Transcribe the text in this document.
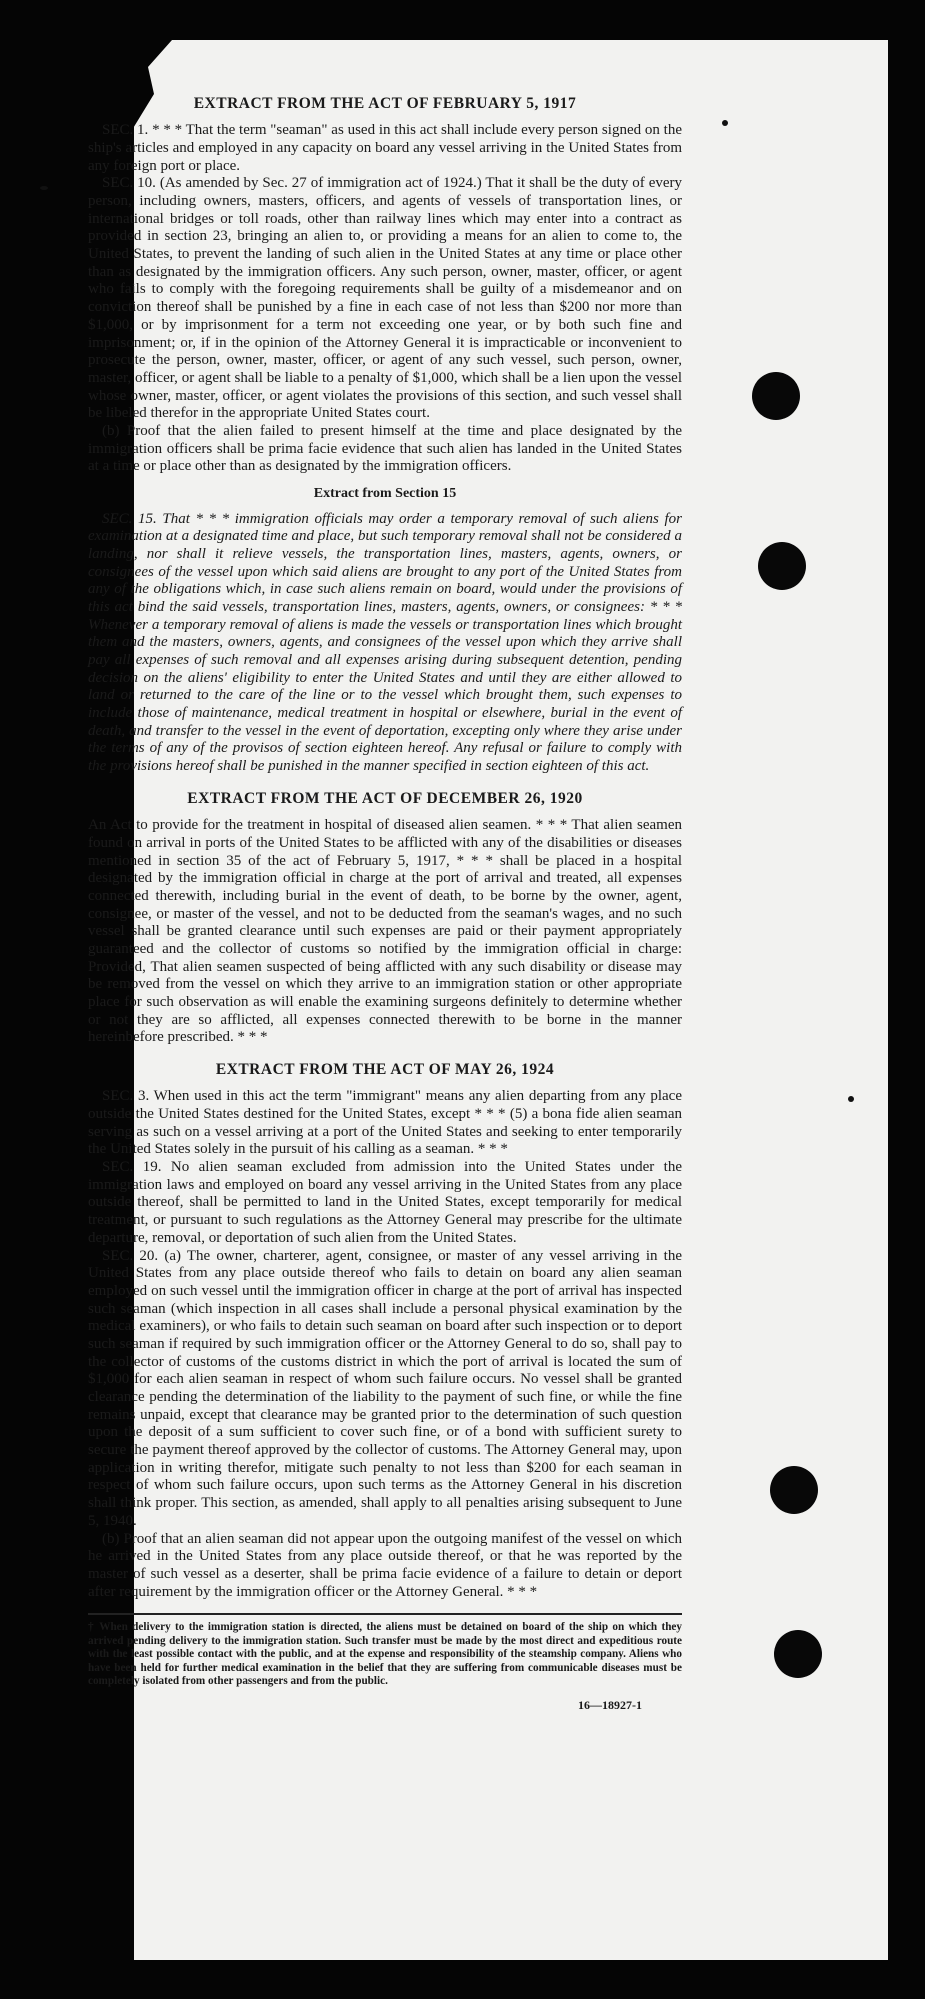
EXTRACT FROM THE ACT OF FEBRUARY 5, 1917

SEC. 1. * * * That the term "seaman" as used in this act shall include every person signed on the ship's articles and employed in any capacity on board any vessel arriving in the United States from any foreign port or place.

SEC. 10. (As amended by Sec. 27 of immigration act of 1924.) That it shall be the duty of every person, including owners, masters, officers, and agents of vessels of transportation lines, or international bridges or toll roads, other than railway lines which may enter into a contract as provided in section 23, bringing an alien to, or providing a means for an alien to come to, the United States, to prevent the landing of such alien in the United States at any time or place other than as designated by the immigration officers. Any such person, owner, master, officer, or agent who fails to comply with the foregoing requirements shall be guilty of a misdemeanor and on conviction thereof shall be punished by a fine in each case of not less than $200 nor more than $1,000, or by imprisonment for a term not exceeding one year, or by both such fine and imprisonment; or, if in the opinion of the Attorney General it is impracticable or inconvenient to prosecute the person, owner, master, officer, or agent of any such vessel, such person, owner, master, officer, or agent shall be liable to a penalty of $1,000, which shall be a lien upon the vessel whose owner, master, officer, or agent violates the provisions of this section, and such vessel shall be libeled therefor in the appropriate United States court.

(b) Proof that the alien failed to present himself at the time and place designated by the immigration officers shall be prima facie evidence that such alien has landed in the United States at a time or place other than as designated by the immigration officers.

Extract from Section 15

SEC. 15. That * * * immigration officials may order a temporary removal of such aliens for examination at a designated time and place, but such temporary removal shall not be considered a landing, nor shall it relieve vessels, the transportation lines, masters, agents, owners, or consignees of the vessel upon which said aliens are brought to any port of the United States from any of the obligations which, in case such aliens remain on board, would under the provisions of this act bind the said vessels, transportation lines, masters, agents, owners, or consignees: * * * Whenever a temporary removal of aliens is made the vessels or transportation lines which brought them and the masters, owners, agents, and consignees of the vessel upon which they arrive shall pay all expenses of such removal and all expenses arising during subsequent detention, pending decision on the aliens' eligibility to enter the United States and until they are either allowed to land or returned to the care of the line or to the vessel which brought them, such expenses to include those of maintenance, medical treatment in hospital or elsewhere, burial in the event of death, and transfer to the vessel in the event of deportation, excepting only where they arise under the terms of any of the provisos of section eighteen hereof. Any refusal or failure to comply with the provisions hereof shall be punished in the manner specified in section eighteen of this act.

EXTRACT FROM THE ACT OF DECEMBER 26, 1920

An Act to provide for the treatment in hospital of diseased alien seamen. * * * That alien seamen found on arrival in ports of the United States to be afflicted with any of the disabilities or diseases mentioned in section 35 of the act of February 5, 1917, * * * shall be placed in a hospital designated by the immigration official in charge at the port of arrival and treated, all expenses connected therewith, including burial in the event of death, to be borne by the owner, agent, consignee, or master of the vessel, and not to be deducted from the seaman's wages, and no such vessel shall be granted clearance until such expenses are paid or their payment appropriately guaranteed and the collector of customs so notified by the immigration official in charge: Provided, That alien seamen suspected of being afflicted with any such disability or disease may be removed from the vessel on which they arrive to an immigration station or other appropriate place for such observation as will enable the examining surgeons definitely to determine whether or not they are so afflicted, all expenses connected therewith to be borne in the manner hereinbefore prescribed. * * *

EXTRACT FROM THE ACT OF MAY 26, 1924

SEC. 3. When used in this act the term "immigrant" means any alien departing from any place outside the United States destined for the United States, except * * * (5) a bona fide alien seaman serving as such on a vessel arriving at a port of the United States and seeking to enter temporarily the United States solely in the pursuit of his calling as a seaman. * * *

SEC. 19. No alien seaman excluded from admission into the United States under the immigration laws and employed on board any vessel arriving in the United States from any place outside thereof, shall be permitted to land in the United States, except temporarily for medical treatment, or pursuant to such regulations as the Attorney General may prescribe for the ultimate departure, removal, or deportation of such alien from the United States.

SEC. 20. (a) The owner, charterer, agent, consignee, or master of any vessel arriving in the United States from any place outside thereof who fails to detain on board any alien seaman employed on such vessel until the immigration officer in charge at the port of arrival has inspected such seaman (which inspection in all cases shall include a personal physical examination by the medical examiners), or who fails to detain such seaman on board after such inspection or to deport such seaman if required by such immigration officer or the Attorney General to do so, shall pay to the collector of customs of the customs district in which the port of arrival is located the sum of $1,000 for each alien seaman in respect of whom such failure occurs. No vessel shall be granted clearance pending the determination of the liability to the payment of such fine, or while the fine remains unpaid, except that clearance may be granted prior to the determination of such question upon the deposit of a sum sufficient to cover such fine, or of a bond with sufficient surety to secure the payment thereof approved by the collector of customs. The Attorney General may, upon application in writing therefor, mitigate such penalty to not less than $200 for each seaman in respect of whom such failure occurs, upon such terms as the Attorney General in his discretion shall think proper. This section, as amended, shall apply to all penalties arising subsequent to June 5, 1940.

(b) Proof that an alien seaman did not appear upon the outgoing manifest of the vessel on which he arrived in the United States from any place outside thereof, or that he was reported by the master of such vessel as a deserter, shall be prima facie evidence of a failure to detain or deport after requirement by the immigration officer or the Attorney General. * * *

† When delivery to the immigration station is directed, the aliens must be detained on board of the ship on which they arrived pending delivery to the immigration station. Such transfer must be made by the most direct and expeditious route with the least possible contact with the public, and at the expense and responsibility of the steamship company. Aliens who have been held for further medical examination in the belief that they are suffering from communicable diseases must be completely isolated from other passengers and from the public.
16—18927-1
